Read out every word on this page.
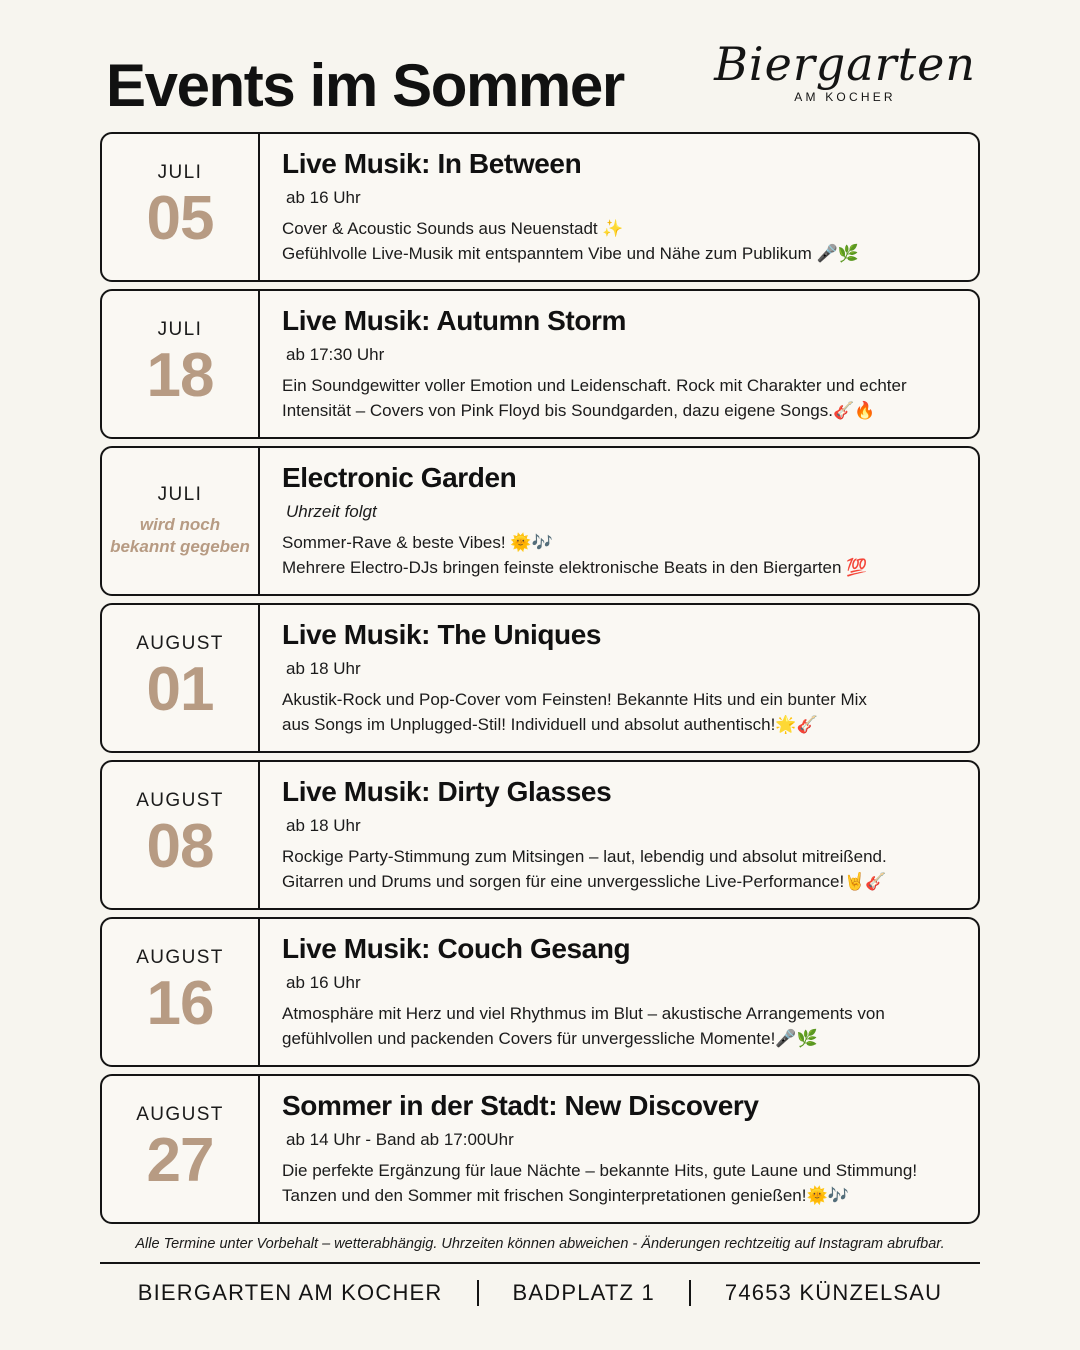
Events im Sommer Biergarten
AM KOCHER
JULI
05
Live Musik: In Between
ab 16 Uhr
Cover & Acoustic Sounds aus Neuenstadt ✨
Gefühlvolle Live-Musik mit entspanntem Vibe und Nähe zum Publikum 🎤🌿
JULI
18
Live Musik: Autumn Storm
ab 17:30 Uhr
Ein Soundgewitter voller Emotion und Leidenschaft. Rock mit Charakter und echter
Intensität – Covers von Pink Floyd bis Soundgarden, dazu eigene Songs.🎸🔥
JULI
wird noch bekannt gegeben
Electronic Garden
Uhrzeit folgt
Sommer-Rave & beste Vibes! 🌞🎶
Mehrere Electro-DJs bringen feinste elektronische Beats in den Biergarten 💯
AUGUST
01
Live Musik: The Uniques
ab 18 Uhr
Akustik-Rock und Pop-Cover vom Feinsten! Bekannte Hits und ein bunter Mix
aus Songs im Unplugged-Stil! Individuell und absolut authentisch!🌟🎸
AUGUST
08
Live Musik: Dirty Glasses
ab 18 Uhr
Rockige Party-Stimmung zum Mitsingen – laut, lebendig und absolut mitreißend.
Gitarren und Drums und sorgen für eine unvergessliche Live-Performance!🤘🎸
AUGUST
16
Live Musik: Couch Gesang
ab 16 Uhr
Atmosphäre mit Herz und viel Rhythmus im Blut – akustische Arrangements von
gefühlvollen und packenden Covers für unvergessliche Momente!🎤🌿
AUGUST
27
Sommer in der Stadt: New Discovery
ab 14 Uhr - Band ab 17:00Uhr
Die perfekte Ergänzung für laue Nächte – bekannte Hits, gute Laune und Stimmung!
Tanzen und den Sommer mit frischen Songinterpretationen genießen!🌞🎶
Alle Termine unter Vorbehalt – wetterabhängig. Uhrzeiten können abweichen - Änderungen rechtzeitig auf Instagram abrufbar.
BIERGARTEN AM KOCHER	BADPLATZ 1	74653 KÜNZELSAU
